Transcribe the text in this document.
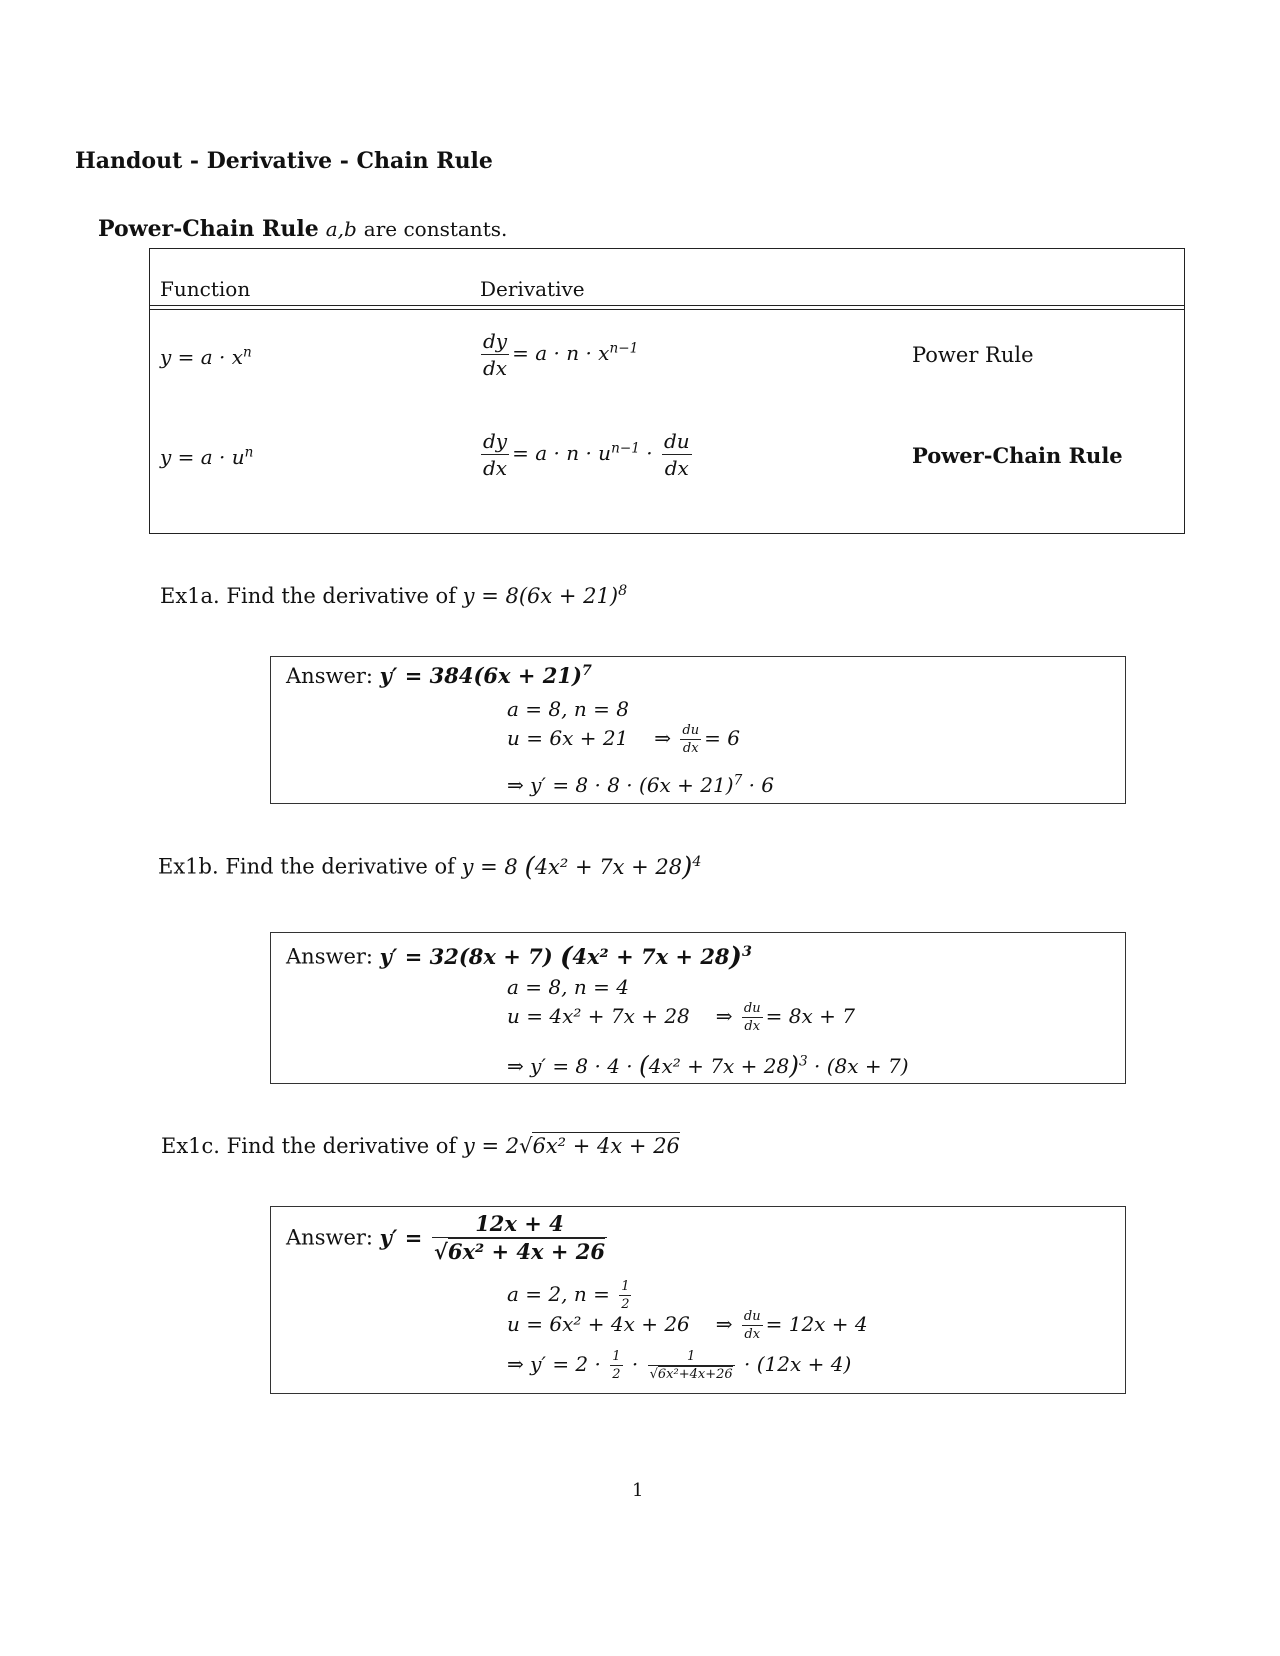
Handout - Derivative - Chain Rule
Power-Chain Rule a,b are constants.
Function	Derivative
$y = a \cdot x^n$	$\frac{dy}{dx} = a \cdot n \cdot x^{n-1}$	Power Rule
$y = a \cdot u^n$	$\frac{dy}{dx} = a \cdot n \cdot u^{n-1} \cdot \frac{du}{dx}$	Power-Chain Rule
Ex1a. Find the derivative of $y = 8(6x + 21)^8$
Answer: $y' = 384(6x + 21)^7$
a = 8, n = 8
u = 6x + 21 ⇒ $\frac{du}{dx} = 6$
⇒ $y' = 8 \cdot 8 \cdot (6x + 21)^7 \cdot 6$
Ex1b. Find the derivative of y = 8 $(4x^2 + 7x + 28)^4$
Answer: y′ = 32(8x + 7) $(4x^2 + 7x + 28)^3$
a = 8, n = 4
u = 4x² + 7x + 28 ⇒ $\frac{du}{dx} = 8x + 7$
⇒ $y' = 8 \cdot 4 \cdot (4x^2 + 7x + 28)^3 \cdot (8x + 7)$
Ex1c. Find the derivative of y = 2√6x² + 4x + 26
Answer: $y' = \frac{12x + 4}{\text{√6x² + 4x + 26}}$
a = 2, $n = \frac{1}{2}$
u = 6x² + 4x + 26 ⇒ $\frac{du}{dx} = 12x + 4$
⇒ $y' = 2 \cdot \frac{1}{2} \cdot \frac{1}{\text{√6x²+4x+26}} \cdot (12x + 4)$
1
